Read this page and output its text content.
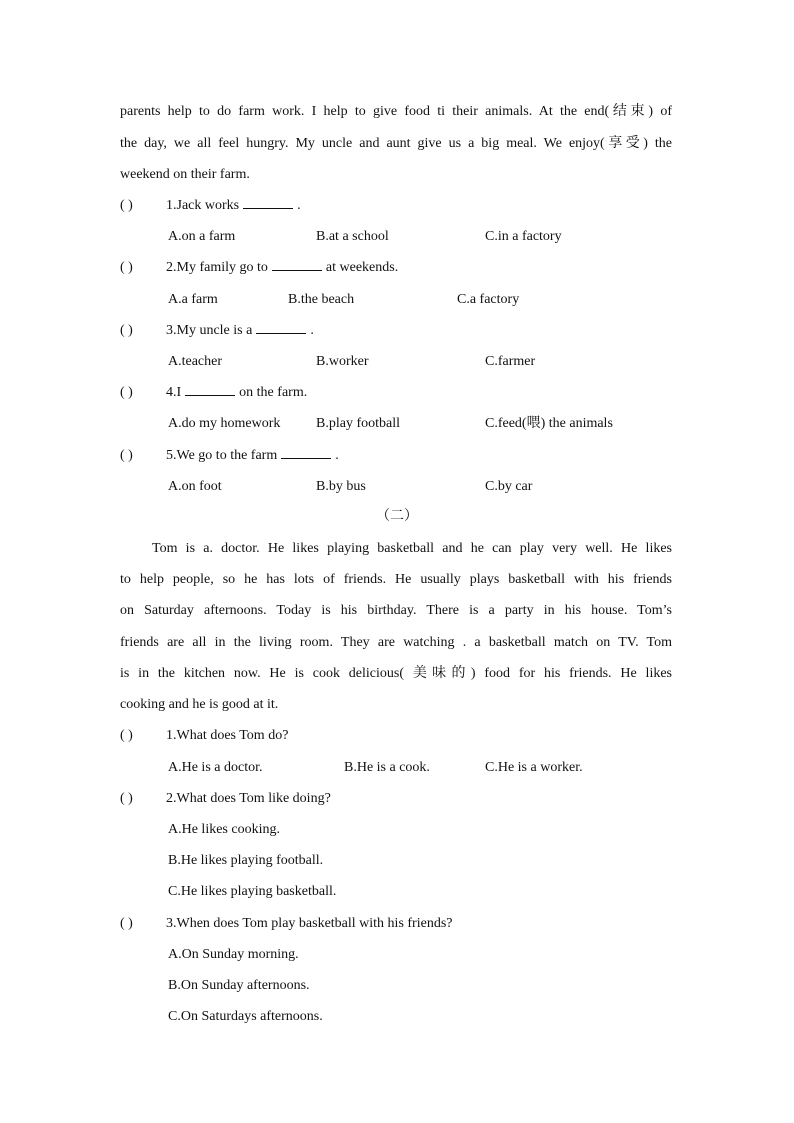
parents help to do farm work. I help to give food ti their animals. At the end(结束) of
the day, we all feel hungry. My uncle and aunt give us a big meal. We enjoy(享受) the
weekend on their farm.
( ) 1.Jack works	.
A.on a farm	B.at a school	C.in a factory
( ) 2.My family go to	at weekends.
A.a farm	B.the beach	C.a factory
( ) 3.My uncle is a	.
A.teacher	B.worker	C.farmer
( ) 4.I	on the farm.
A.do my homework	B.play football	C.feed(喂) the animals
( ) 5.We go to the farm	.
A.on foot	B.by bus	C.by car
（二）
Tom is a. doctor. He likes playing basketball and he can play very well. He likes
to help people, so he has lots of friends. He usually plays basketball with his friends
on Saturday afternoons. Today is his birthday. There is a party in his house. Tom’s
friends are all in the living room. They are watching . a basketball match on TV. Tom
is in the kitchen now. He is cook delicious( 美味的) food for his friends. He likes
cooking and he is good at it.
( ) 1.What does Tom do?
A.He is a doctor.	B.He is a cook.	C.He is a worker.
( ) 2.What does Tom like doing?
A.He likes cooking.
B.He likes playing football.
C.He likes playing basketball.
( ) 3.When does Tom play basketball with his friends?
A.On Sunday morning.
B.On Sunday afternoons.
C.On Saturdays afternoons.
